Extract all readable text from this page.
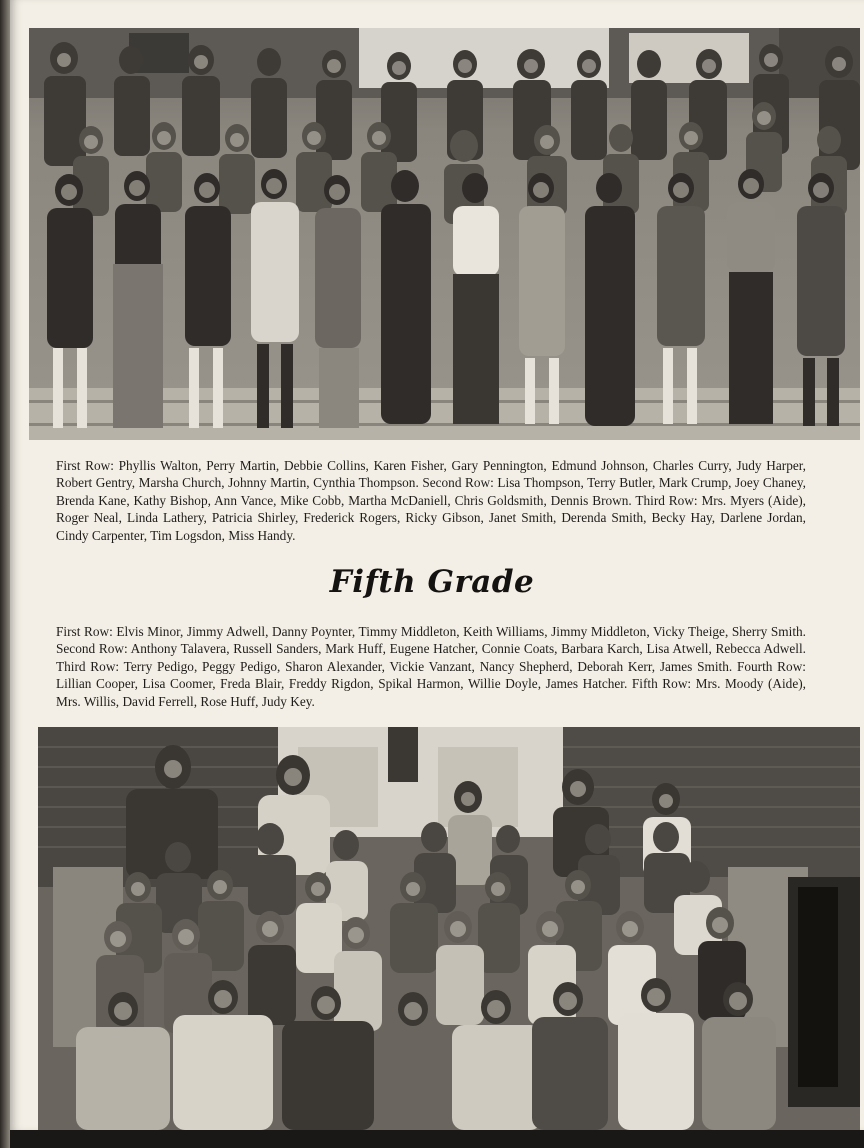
First Row: Phyllis Walton, Perry Martin, Debbie Collins, Karen Fisher, Gary Pennington, Edmund Johnson, Charles Curry, Judy Harper, Robert Gentry, Marsha Church, Johnny Martin, Cynthia Thompson. Second Row: Lisa Thompson, Terry Butler, Mark Crump, Joey Chaney, Brenda Kane, Kathy Bishop, Ann Vance, Mike Cobb, Martha McDaniell, Chris Goldsmith, Dennis Brown. Third Row: Mrs. Myers (Aide), Roger Neal, Linda Lathery, Patricia Shirley, Frederick Rogers, Ricky Gibson, Janet Smith, Derenda Smith, Becky Hay, Darlene Jordan, Cindy Carpenter, Tim Logsdon, Miss Handy.
Fifth Grade
First Row: Elvis Minor, Jimmy Adwell, Danny Poynter, Timmy Middleton, Keith Williams, Jimmy Middleton, Vicky Theige, Sherry Smith. Second Row: Anthony Talavera, Russell Sanders, Mark Huff, Eugene Hatcher, Connie Coats, Barbara Karch, Lisa Atwell, Rebecca Adwell. Third Row: Terry Pedigo, Peggy Pedigo, Sharon Alexander, Vickie Vanzant, Nancy Shepherd, Deborah Kerr, James Smith. Fourth Row: Lillian Cooper, Lisa Coomer, Freda Blair, Freddy Rigdon, Spikal Harmon, Willie Doyle, James Hatcher. Fifth Row: Mrs. Moody (Aide), Mrs. Willis, David Ferrell, Rose Huff, Judy Key.
